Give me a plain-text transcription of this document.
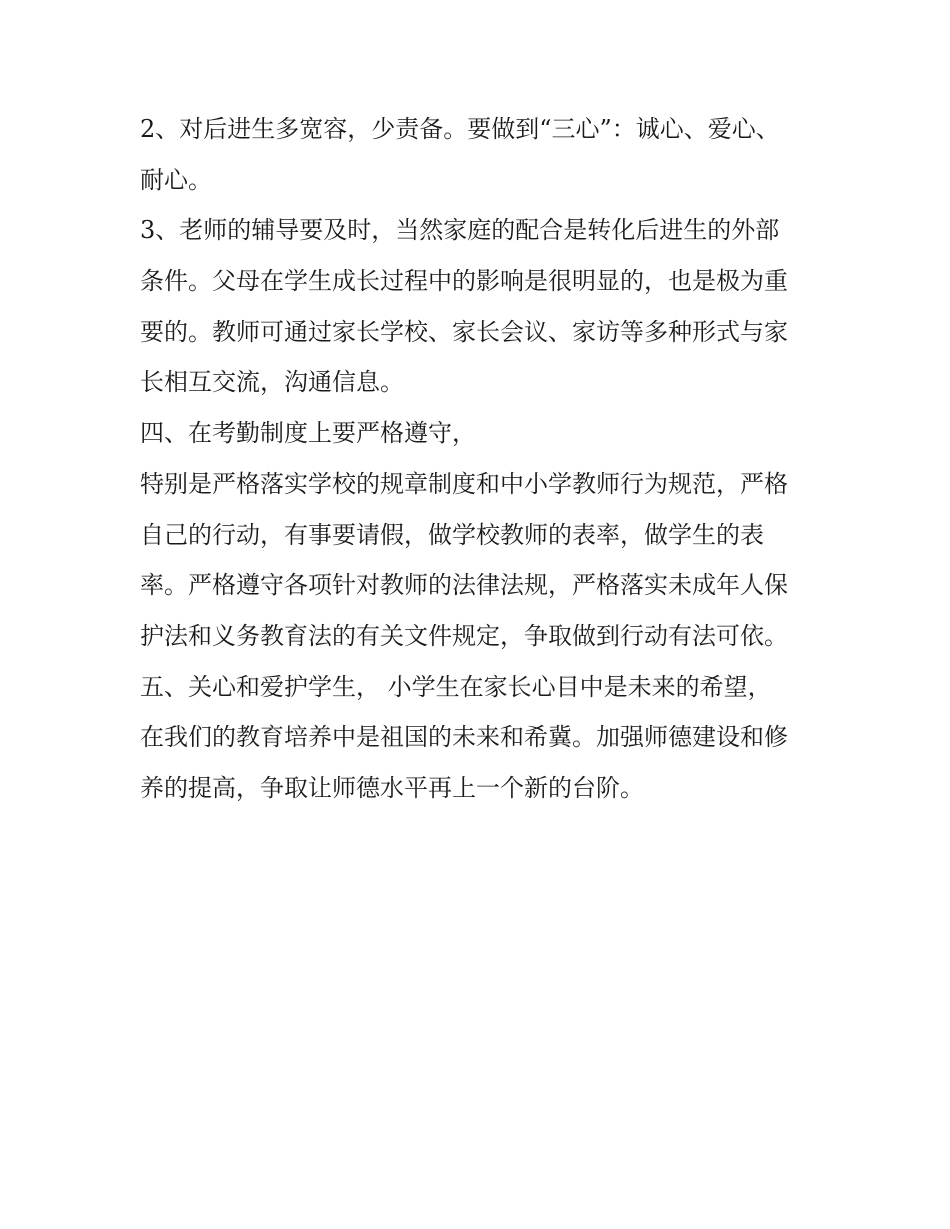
2、对后进生多宽容，少责备。要做到“三心”：诚心、爱心、
耐心。
3、老师的辅导要及时，当然家庭的配合是转化后进生的外部
条件。父母在学生成长过程中的影响是很明显的，也是极为重
要的。教师可通过家长学校、家长会议、家访等多种形式与家
长相互交流，沟通信息。
四、在考勤制度上要严格遵守，
特别是严格落实学校的规章制度和中小学教师行为规范，严格
自己的行动，有事要请假，做学校教师的表率，做学生的表
率。严格遵守各项针对教师的法律法规，严格落实未成年人保
护法和义务教育法的有关文件规定，争取做到行动有法可依。
五、关心和爱护学生， 小学生在家长心目中是未来的希望，
在我们的教育培养中是祖国的未来和希冀。加强师德建设和修
养的提高，争取让师德水平再上一个新的台阶。
